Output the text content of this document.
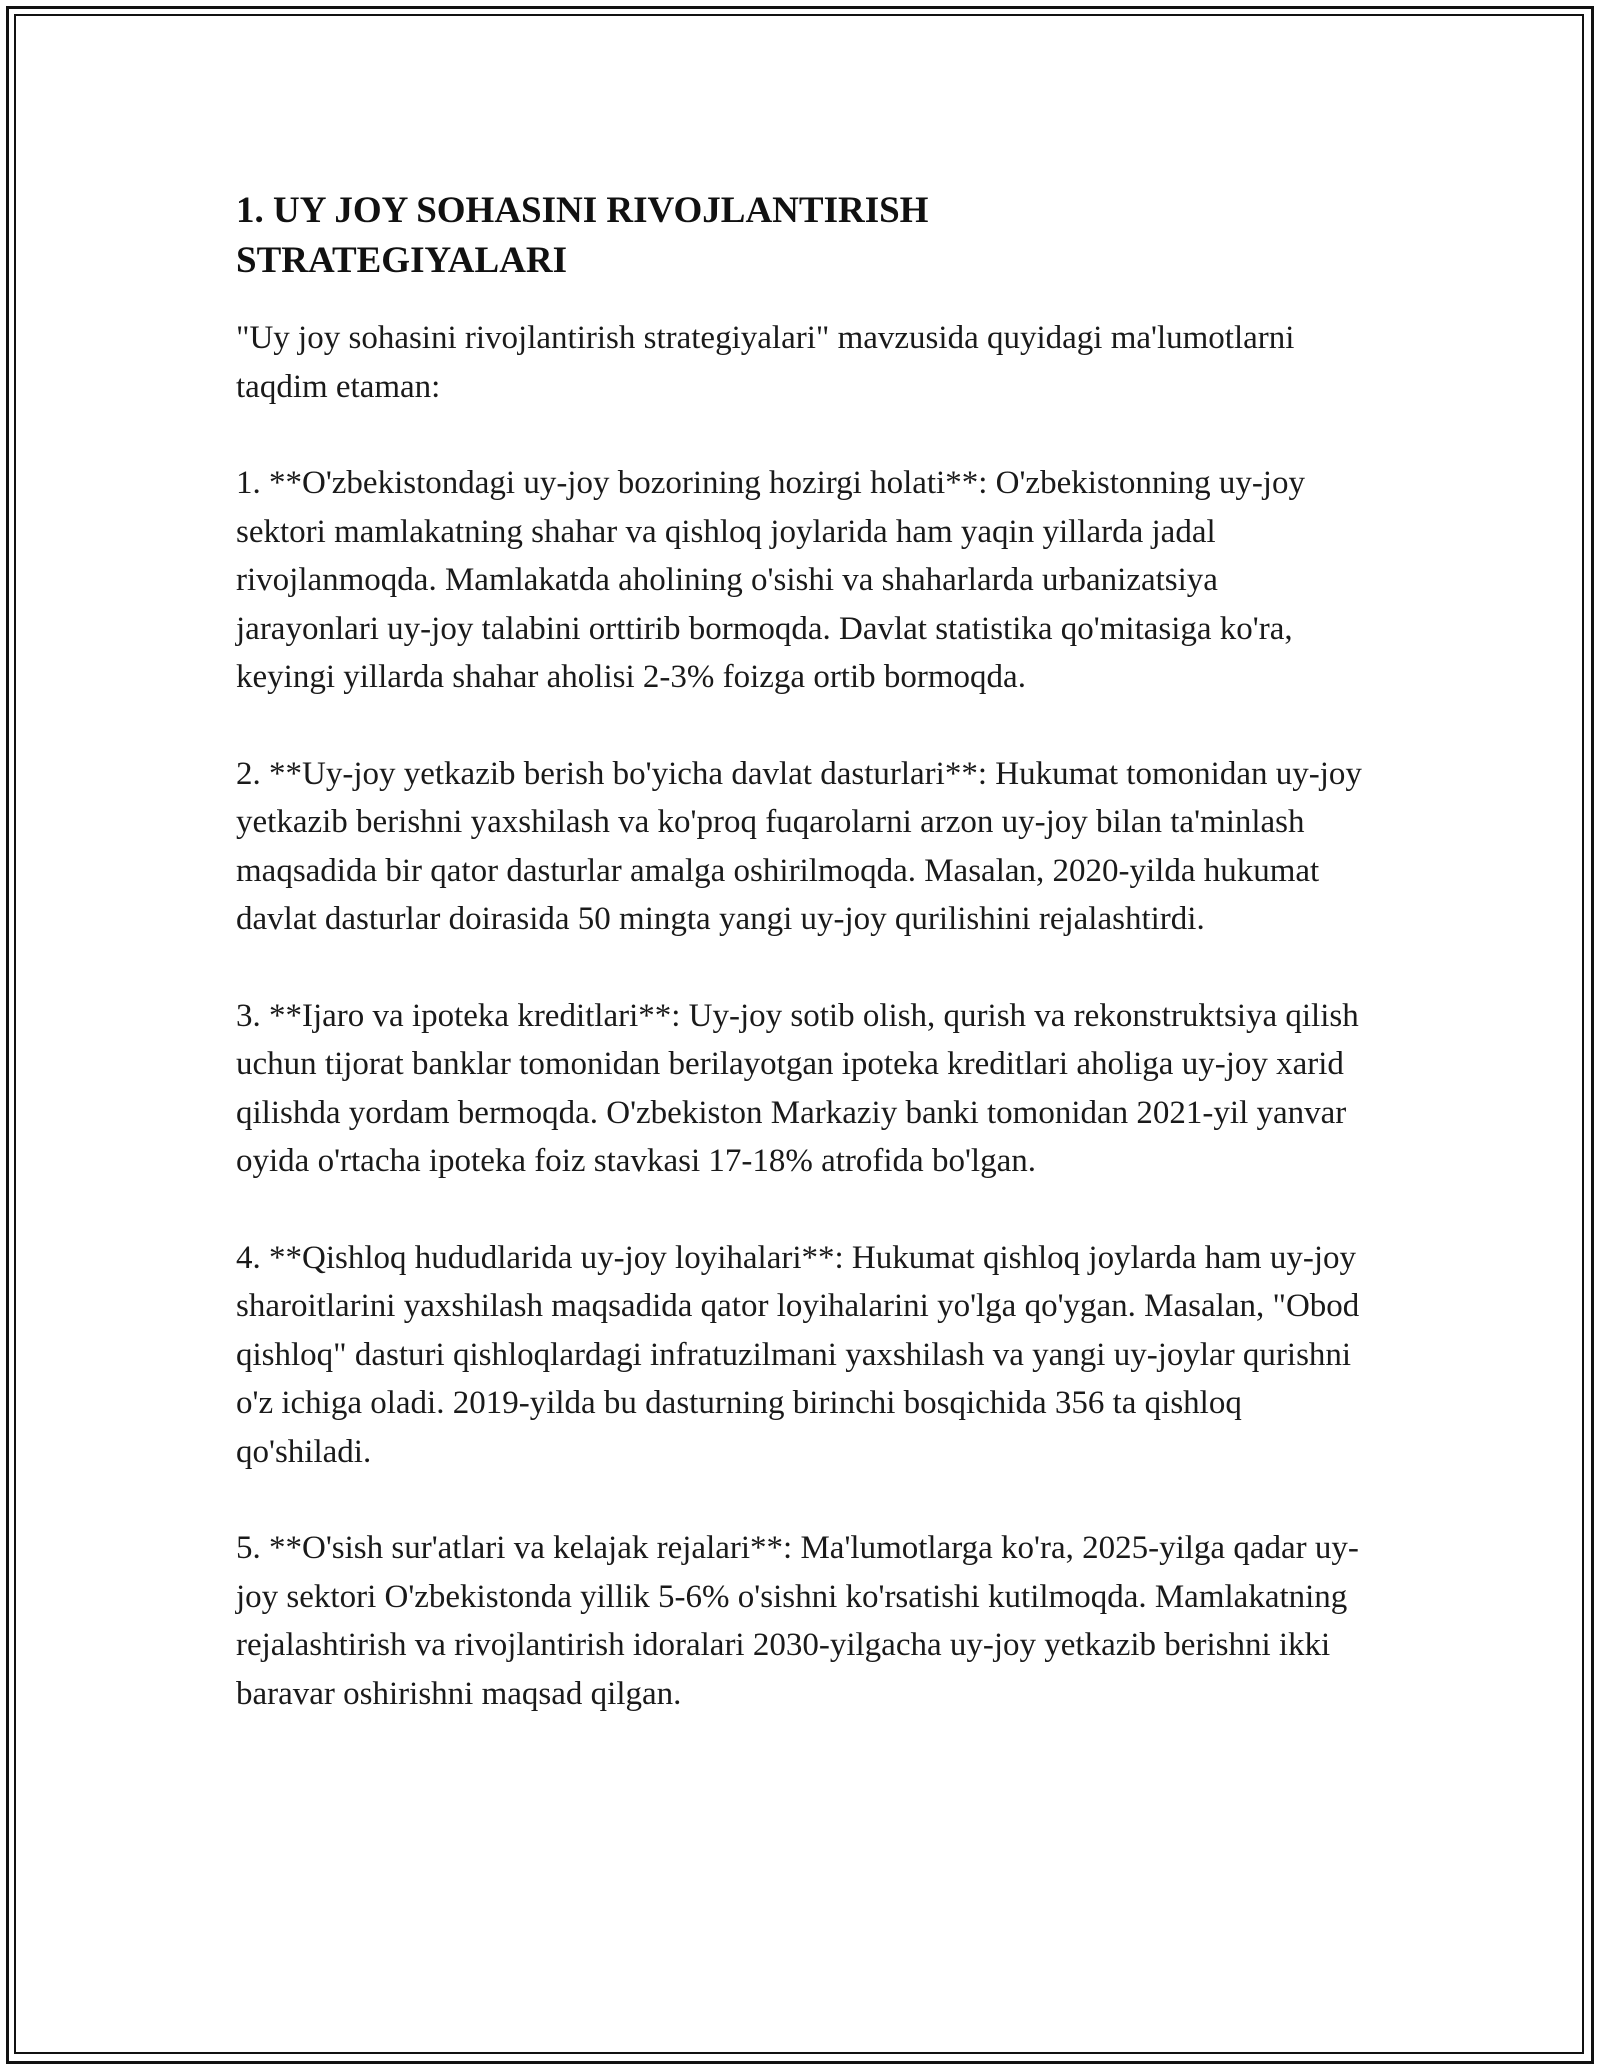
1. UY JOY SOHASINI RIVOJLANTIRISH STRATEGIYALARI

"Uy joy sohasini rivojlantirish strategiyalari" mavzusida quyidagi ma'lumotlarni taqdim etaman:

1. **O'zbekistondagi uy-joy bozorining hozirgi holati**: O'zbekistonning uy-joy sektori mamlakatning shahar va qishloq joylarida ham yaqin yillarda jadal rivojlanmoqda. Mamlakatda aholining o'sishi va shaharlarda urbanizatsiya jarayonlari uy-joy talabini orttirib bormoqda. Davlat statistika qo'mitasiga ko'ra, keyingi yillarda shahar aholisi 2-3% foizga ortib bormoqda.

2. **Uy-joy yetkazib berish bo'yicha davlat dasturlari**: Hukumat tomonidan uy-joy yetkazib berishni yaxshilash va ko'proq fuqarolarni arzon uy-joy bilan ta'minlash maqsadida bir qator dasturlar amalga oshirilmoqda. Masalan, 2020-yilda hukumat davlat dasturlar doirasida 50 mingta yangi uy-joy qurilishini rejalashtirdi.

3. **Ijaro va ipoteka kreditlari**: Uy-joy sotib olish, qurish va rekonstruktsiya qilish uchun tijorat banklar tomonidan berilayotgan ipoteka kreditlari aholiga uy-joy xarid qilishda yordam bermoqda. O'zbekiston Markaziy banki tomonidan 2021-yil yanvar oyida o'rtacha ipoteka foiz stavkasi 17-18% atrofida bo'lgan.

4. **Qishloq hududlarida uy-joy loyihalari**: Hukumat qishloq joylarda ham uy-joy sharoitlarini yaxshilash maqsadida qator loyihalarini yo'lga qo'ygan. Masalan, "Obod qishloq" dasturi qishloqlardagi infratuzilmani yaxshilash va yangi uy-joylar qurishni o'z ichiga oladi. 2019-yilda bu dasturning birinchi bosqichida 356 ta qishloq qo'shiladi.

5. **O'sish sur'atlari va kelajak rejalari**: Ma'lumotlarga ko'ra, 2025-yilga qadar uy-joy sektori O'zbekistonda yillik 5-6% o'sishni ko'rsatishi kutilmoqda. Mamlakatning rejalashtirish va rivojlantirish idoralari 2030-yilgacha uy-joy yetkazib berishni ikki baravar oshirishni maqsad qilgan.
